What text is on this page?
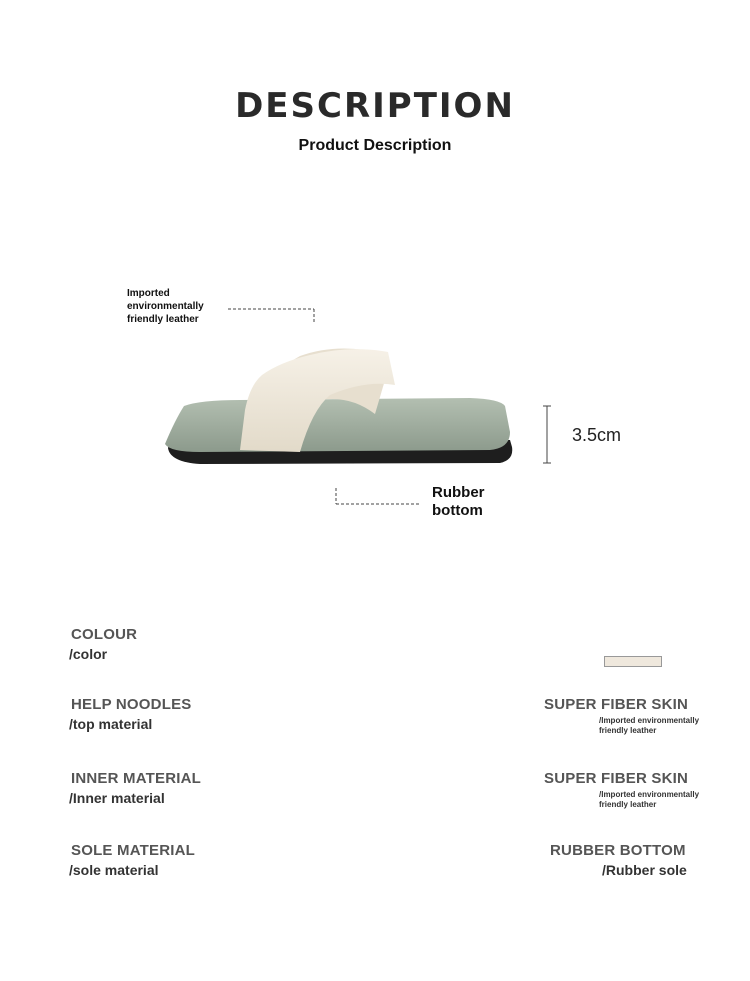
DESCRIPTION
Product Description
Imported environmentally friendly leather
Rubber bottom
3.5cm
COLOUR
/color
HELP NOODLES
/top material
SUPER FIBER SKIN
/Imported environmentally friendly leather
INNER MATERIAL
/Inner material
SUPER FIBER SKIN
/Imported environmentally friendly leather
SOLE MATERIAL
/sole material
RUBBER BOTTOM
/Rubber sole
